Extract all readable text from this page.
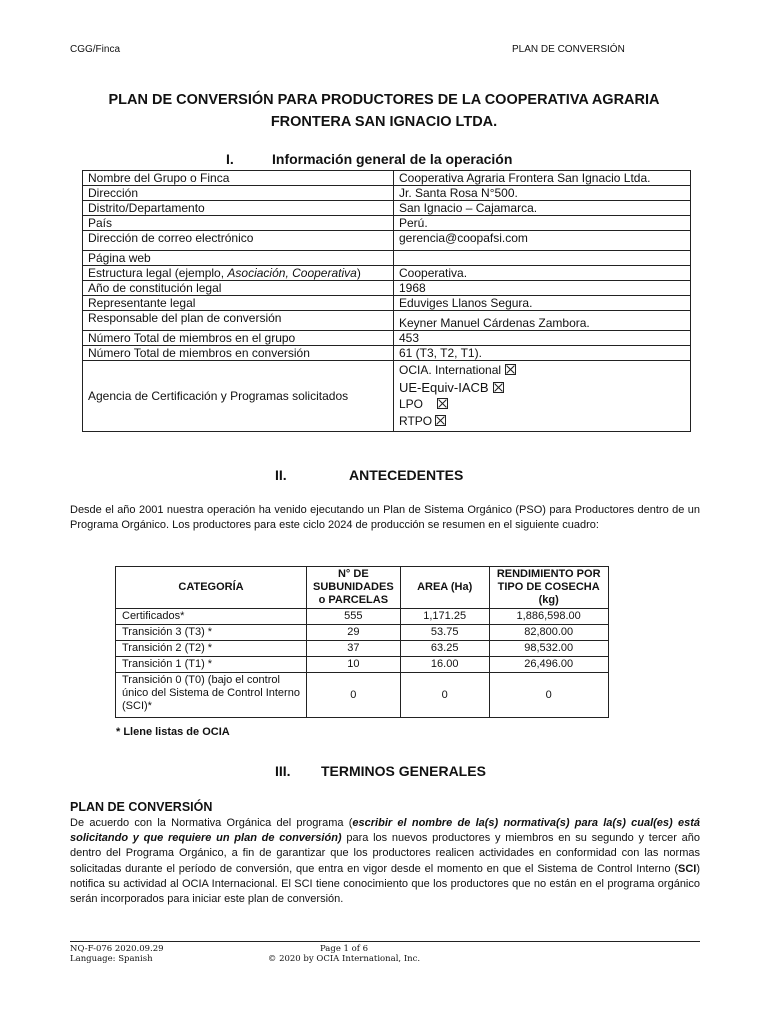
CGG/Finca	PLAN DE CONVERSIÓN
PLAN DE CONVERSIÓN PARA PRODUCTORES DE LA COOPERATIVA AGRARIA
FRONTERA SAN IGNACIO LTDA.
I.	Información general de la operación
Nombre del Grupo o Finca	Cooperativa Agraria Frontera San Ignacio Ltda.
Dirección	Jr. Santa Rosa N°500.
Distrito/Departamento	San Ignacio – Cajamarca.
País	Perú.
Dirección de correo electrónico	gerencia@coopafsi.com
Página web	
Estructura legal (ejemplo, Asociación, Cooperativa)	Cooperativa.
Año de constitución legal	1968
Representante legal	Eduviges Llanos Segura.
Responsable del plan de conversión	Keyner Manuel Cárdenas Zambora.
Número Total de miembros en el grupo	453
Número Total de miembros en conversión	61 (T3, T2, T1).
Agencia de Certificación y Programas solicitados	OCIA. International
UE-Equiv-IACB
LPO
RTPO
II.	ANTECEDENTES
Desde el año 2001 nuestra operación ha venido ejecutando un Plan de Sistema Orgánico (PSO) para Productores dentro de un Programa Orgánico. Los productores para este ciclo 2024 de producción se resumen en el siguiente cuadro:
CATEGORÍA	N° DE SUBUNIDADES o PARCELAS	AREA (Ha)	RENDIMIENTO POR TIPO DE COSECHA (kg)
Certificados*	555	1,171.25	1,886,598.00
Transición 3 (T3) *	29	53.75	82,800.00
Transición 2 (T2) *	37	63.25	98,532.00
Transición 1 (T1) *	10	16.00	26,496.00
Transición 0 (T0) (bajo el control único del Sistema de Control Interno (SCI)*	0	0	0
* Llene listas de OCIA
III.	TERMINOS GENERALES
PLAN DE CONVERSIÓN
De acuerdo con la Normativa Orgánica del programa (escribir el nombre de la(s) normativa(s) para la(s) cual(es) está solicitando y que requiere un plan de conversión) para los nuevos productores y miembros en su segundo y tercer año dentro del Programa Orgánico, a fin de garantizar que los productores realicen actividades en conformidad con las normas solicitadas durante el período de conversión, que entra en vigor desde el momento en que el Sistema de Control Interno (SCI) notifica su actividad al OCIA Internacional. El SCI tiene conocimiento que los productores que no están en el programa orgánico serán incorporados para iniciar este plan de conversión.
NQ-F-076 2020.09.29
Language: Spanish
Page 1 of 6
© 2020 by OCIA International, Inc.
